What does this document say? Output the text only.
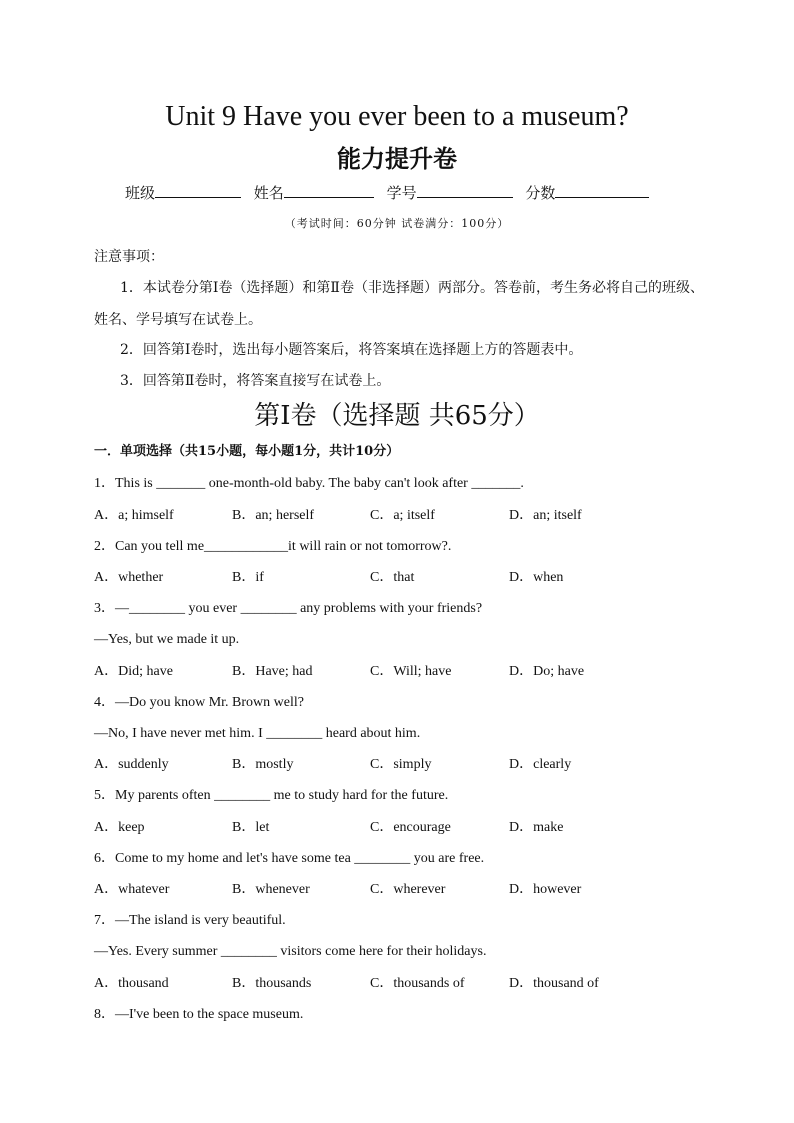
Unit 9 Have you ever been to a museum?
能力提升卷
班级	姓名	学号	分数
（考试时间：60分钟 试卷满分：100分）
注意事项：
1．本试卷分第Ⅰ卷（选择题）和第Ⅱ卷（非选择题）两部分。答卷前，考生务必将自己的班级、
姓名、学号填写在试卷上。
2．回答第Ⅰ卷时，选出每小题答案后，将答案填在选择题上方的答题表中。
3．回答第Ⅱ卷时，将答案直接写在试卷上。
第Ⅰ卷（选择题 共65分）
一．单项选择（共15小题，每小题1分，共计10分）
1．This is _______ one-month-old baby. The baby can't look after _______.
A．a; himself	B．an; herself	C．a; itself	D．an; itself
2．Can you tell me____________it will rain or not tomorrow?.
A．whether	B．if	C．that	D．when
3．—________ you ever ________ any problems with your friends?
—Yes, but we made it up.
A．Did; have	B．Have; had	C．Will; have	D．Do; have
4．—Do you know Mr. Brown well?
—No, I have never met him. I ________ heard about him.
A．suddenly	B．mostly	C．simply	D．clearly
5．My parents often ________ me to study hard for the future.
A．keep	B．let	C．encourage	D．make
6．Come to my home and let's have some tea ________ you are free.
A．whatever	B．whenever	C．wherever	D．however
7．—The island is very beautiful.
—Yes. Every summer ________ visitors come here for their holidays.
A．thousand	B．thousands	C．thousands of	D．thousand of
8．—I've been to the space museum.
